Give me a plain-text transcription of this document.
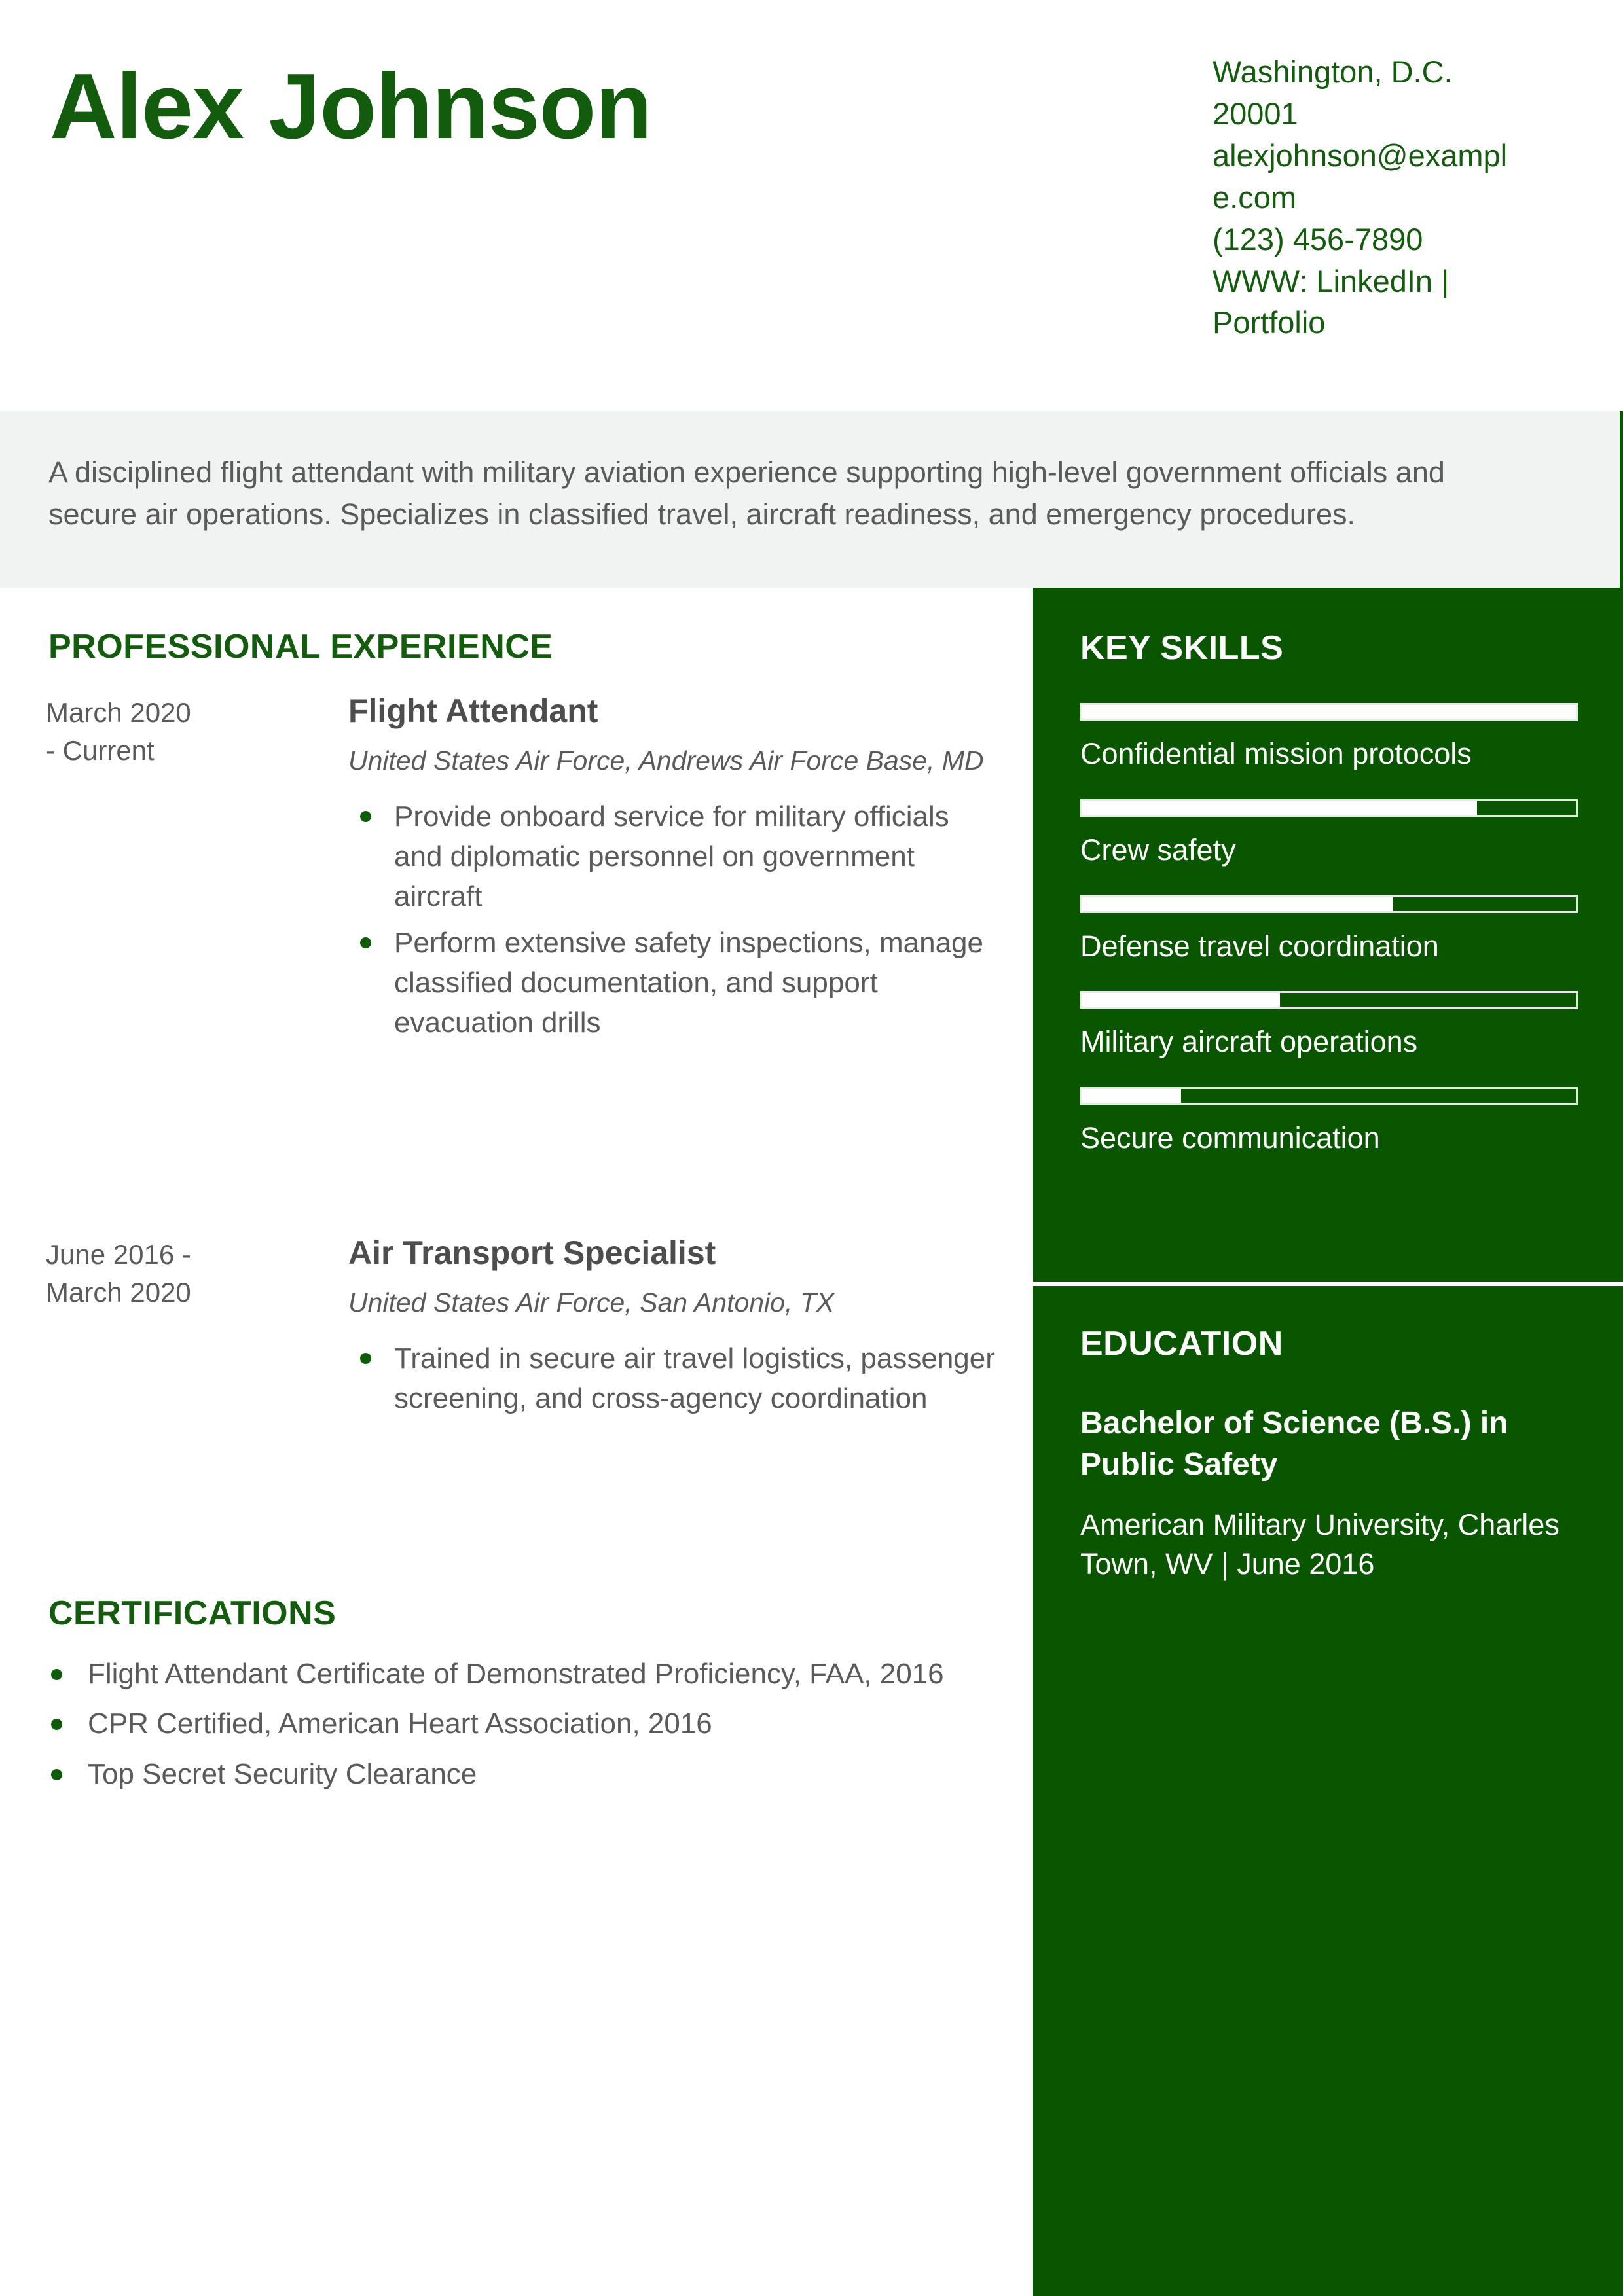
Alex Johnson	Washington, D.C. 20001
alexjohnson@example.com
(123) 456-7890
WWW: LinkedIn | Portfolio
A disciplined flight attendant with military aviation experience supporting high-level government officials and secure air operations. Specializes in classified travel, aircraft readiness, and emergency procedures.
PROFESSIONAL EXPERIENCE
March 2020 - Current
Flight Attendant
United States Air Force, Andrews Air Force Base, MD
Provide onboard service for military officials and diplomatic personnel on government aircraft
Perform extensive safety inspections, manage classified documentation, and support evacuation drills
June 2016 - March 2020
Air Transport Specialist
United States Air Force, San Antonio, TX
Trained in secure air travel logistics, passenger screening, and cross-agency coordination
CERTIFICATIONS
Flight Attendant Certificate of Demonstrated Proficiency, FAA, 2016
CPR Certified, American Heart Association, 2016
Top Secret Security Clearance
KEY SKILLS
Confidential mission protocols
Crew safety
Defense travel coordination
Military aircraft operations
Secure communication
EDUCATION
Bachelor of Science (B.S.) in Public Safety
American Military University, Charles Town, WV | June 2016
